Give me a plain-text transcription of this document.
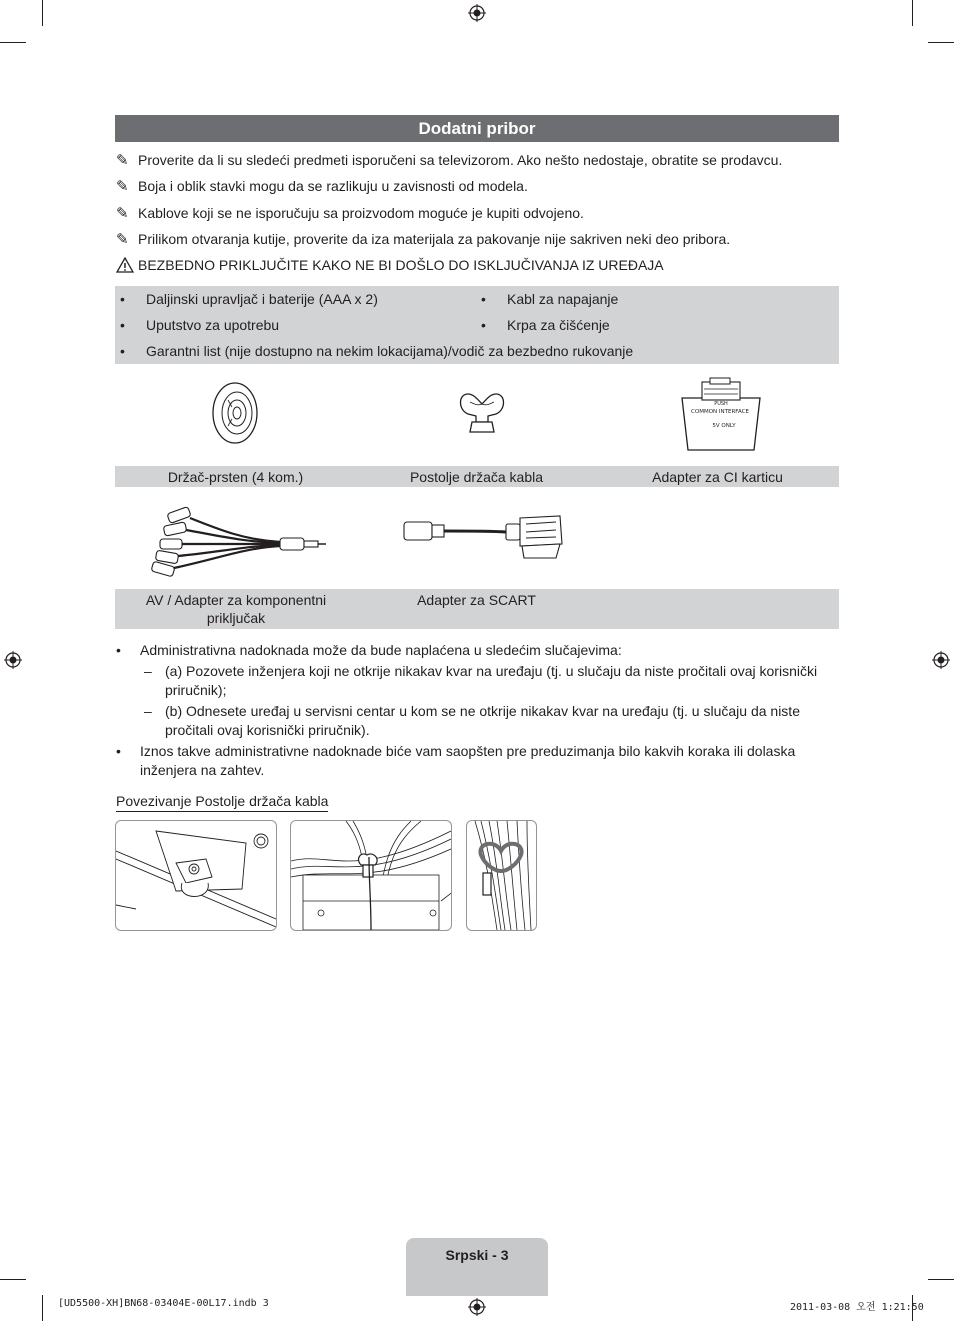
Dodatni pribor
✎ Proverite da li su sledeći predmeti isporučeni sa televizorom. Ako nešto nedostaje, obratite se prodavcu.
✎ Boja i oblik stavki mogu da se razlikuju u zavisnosti od modela.
✎ Kablove koji se ne isporučuju sa proizvodom moguće je kupiti odvojeno.
✎ Prilikom otvaranja kutije, proverite da iza materijala za pakovanje nije sakriven neki deo pribora.
BEZBEDNO PRIKLJUČITE KAKO NE BI DOŠLO DO ISKLJUČIVANJA IZ UREĐAJA
• Daljinski upravljač i baterije (AAA x 2)	• Kabl za napajanje
• Uputstvo za upotrebu	• Krpa za čišćenje
• Garantni list (nije dostupno na nekim lokacijama)/vodič za bezbedno rukovanje
PUSH
COMMON INTERFACE
5V ONLY
Držač-prsten (4 kom.)	Postolje držača kabla	Adapter za CI karticu
AV / Adapter za komponentni priključak
Adapter za SCART
• Administrativna nadoknada može da bude naplaćena u sledećim slučajevima:
– (a) Pozovete inženjera koji ne otkrije nikakav kvar na uređaju (tj. u slučaju da niste pročitali ovaj korisnički priručnik);
– (b) Odnesete uređaj u servisni centar u kom se ne otkrije nikakav kvar na uređaju (tj. u slučaju da niste pročitali ovaj korisnički priručnik).
• Iznos takve administrativne nadoknade biće vam saopšten pre preduzimanja bilo kakvih koraka ili dolaska inženjera na zahtev.
Povezivanje Postolje držača kabla
Srpski - 3
[UD5500-XH]BN68-03404E-00L17.indb 3	2011-03-08 오전 1:21:50
